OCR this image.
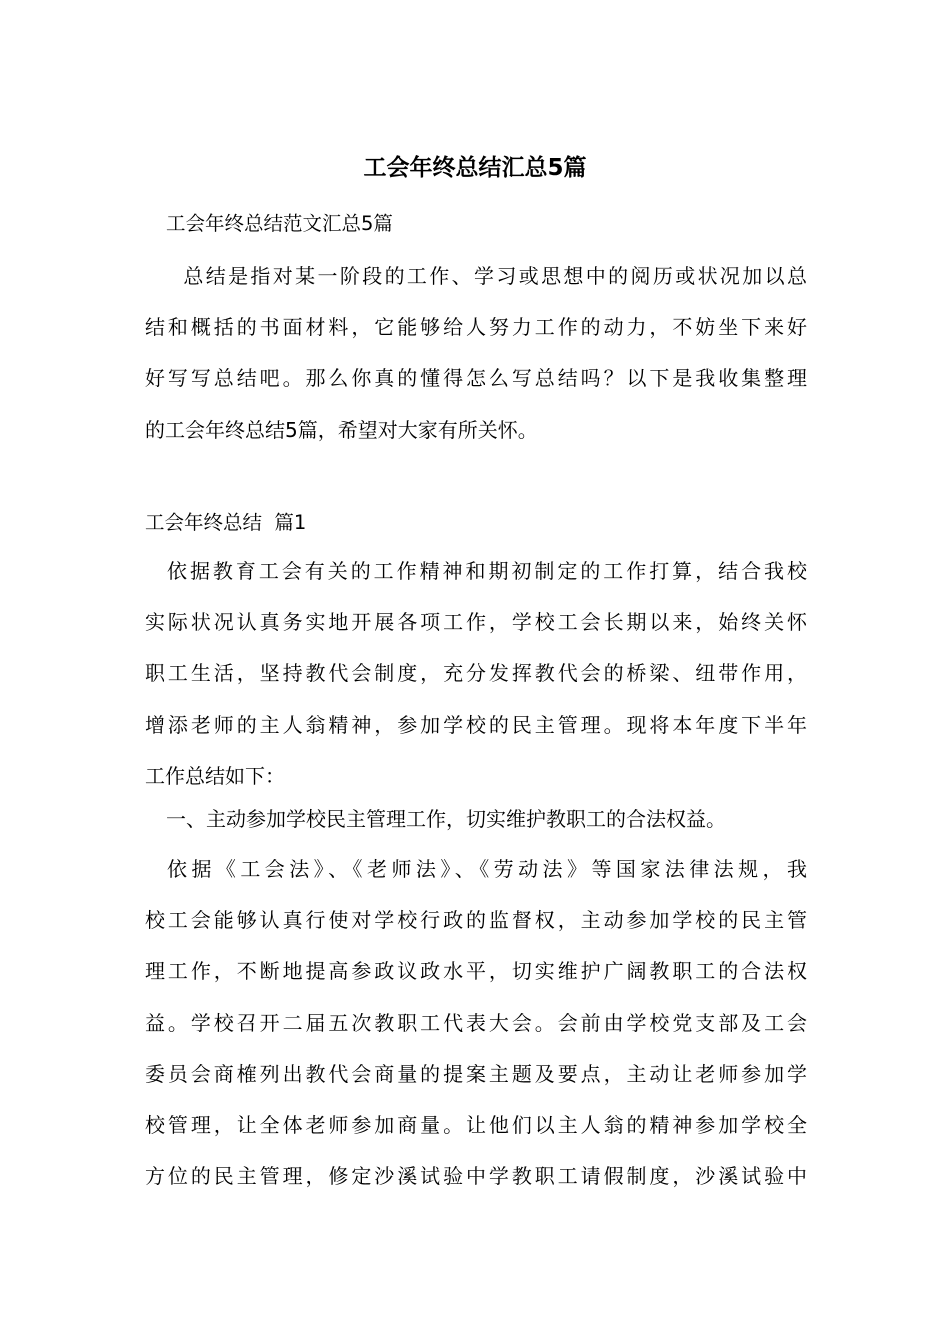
工会年终总结汇总5篇

工会年终总结范文汇总5篇

　总结是指对某一阶段的工作、学习或思想中的阅历或状况加以总
结和概括的书面材料，它能够给人努力工作的动力，不妨坐下来好
好写写总结吧。那么你真的懂得怎么写总结吗？以下是我收集整理
的工会年终总结5篇，希望对大家有所关怀。

工会年终总结  篇1

依据教育工会有关的工作精神和期初制定的工作打算，结合我校
实际状况认真务实地开展各项工作，学校工会长期以来，始终关怀
职工生活，坚持教代会制度，充分发挥教代会的桥梁、纽带作用，
增添老师的主人翁精神，参加学校的民主管理。现将本年度下半年
工作总结如下：

一、主动参加学校民主管理工作，切实维护教职工的合法权益。

依据《工会法》、《老师法》、《劳动法》等国家法律法规，我
校工会能够认真行使对学校行政的监督权，主动参加学校的民主管
理工作，不断地提高参政议政水平，切实维护广阔教职工的合法权
益。学校召开二届五次教职工代表大会。会前由学校党支部及工会
委员会商榷列出教代会商量的提案主题及要点，主动让老师参加学
校管理，让全体老师参加商量。让他们以主人翁的精神参加学校全
方位的民主管理，修定沙溪试验中学教职工请假制度，沙溪试验中
